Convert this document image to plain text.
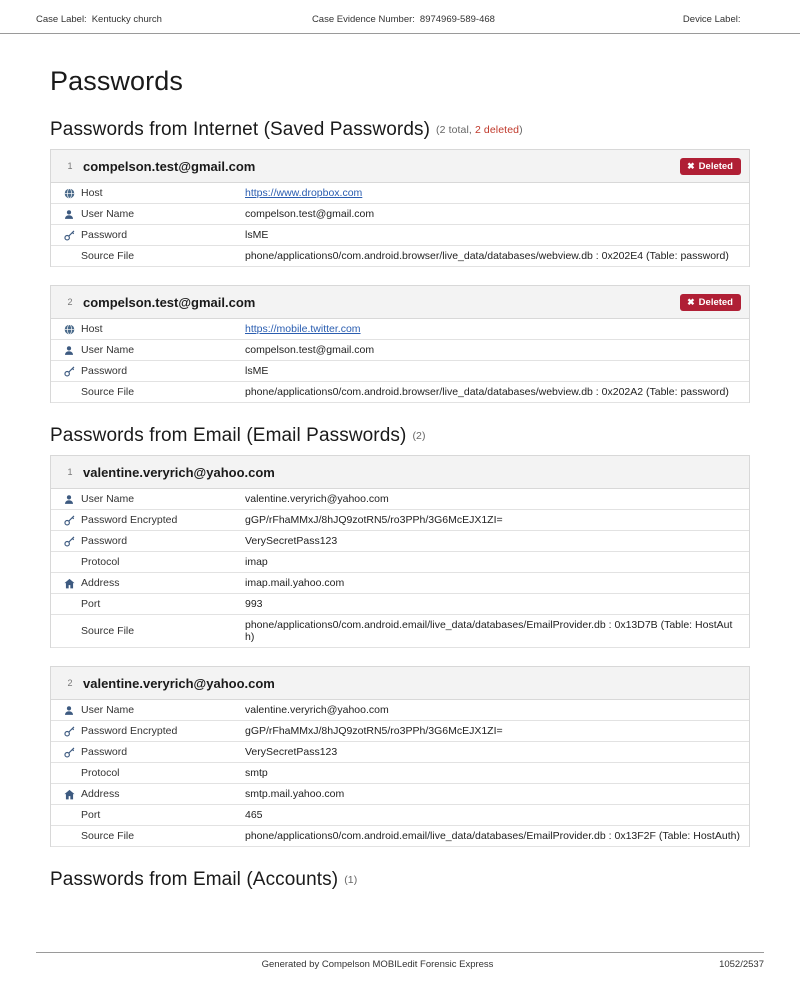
Case Label: Kentucky church	Case Evidence Number: 8974969-589-468	Device Label:
Passwords
Passwords from Internet (Saved Passwords) (2 total, 2 deleted)
1 compelson.test@gmail.com	✖ Deleted
Host	https://www.dropbox.com
User Name	compelson.test@gmail.com
Password	lsME
Source File	phone/applications0/com.android.browser/live_data/databases/webview.db : 0x202E4 (Table: password)
2 compelson.test@gmail.com	✖ Deleted
Host	https://mobile.twitter.com
User Name	compelson.test@gmail.com
Password	lsME
Source File	phone/applications0/com.android.browser/live_data/databases/webview.db : 0x202A2 (Table: password)
Passwords from Email (Email Passwords) (2)
1 valentine.veryrich@yahoo.com
User Name	valentine.veryrich@yahoo.com
Password Encrypted	gGP/rFhaMMxJ/8hJQ9zotRN5/ro3PPh/3G6McEJX1ZI=
Password	VerySecretPass123
Protocol	imap
Address	imap.mail.yahoo.com
Port	993
Source File	phone/applications0/com.android.email/live_data/databases/EmailProvider.db : 0x13D7B (Table: HostAuth)
2 valentine.veryrich@yahoo.com
User Name	valentine.veryrich@yahoo.com
Password Encrypted	gGP/rFhaMMxJ/8hJQ9zotRN5/ro3PPh/3G6McEJX1ZI=
Password	VerySecretPass123
Protocol	smtp
Address	smtp.mail.yahoo.com
Port	465
Source File	phone/applications0/com.android.email/live_data/databases/EmailProvider.db : 0x13F2F (Table: HostAuth)
Passwords from Email (Accounts) (1)
Generated by Compelson MOBILedit Forensic Express	1052/2537
